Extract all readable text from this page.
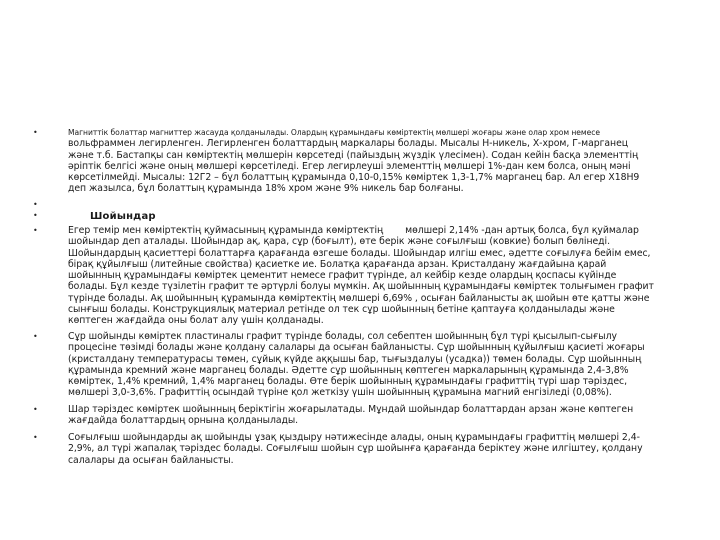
•
•
•
•
•
•
•
Магниттік болаттар магниттер жасауда қолданылады. Олардың құрамындағы көміртектің мөлшері жоғары және олар хром немесе
вольфраммен легирленген. Легирленген болаттардың маркалары болады. Мысалы Н-никель, Х-хром, Г-марганец
және т.б. Бастапқы сан көміртектің мөлшерін көрсетеді (пайыздың жүздік үлесімен). Содан кейін басқа элементтің
әріптік белгісі және оның мөлшері көрсетіледі. Егер легирлеуші элементтің мөлшері 1%-дан кем болса, оның мәні
көрсетілмейді. Мысалы: 12Г2 – бұл болаттың құрамында 0,10-0,15% көміртек 1,3-1,7% марганец бар. Ал егер Х18Н9
деп жазылса, бұл болаттың құрамында 18% хром және 9% никель бар болғаны.
Шойындар
Егер темір мен көміртектің қуймасының құрамында көміртектің мөлшері 2,14% -дан артық болса, бұл қуймалар
шойындар деп аталады. Шойындар ақ, қара, сұр (боғылт), өте берік және соғылғыш (ковкие) болып бөлінеді.
Шойындардың қасиеттері болаттарға қарағанда өзгеше болады. Шойындар илгіш емес, әдетте соғылуға бейім емес,
бірақ құйылғыш (литейные свойства) қасиетке ие. Болатқа қарағанда арзан. Кристалдану жағдайына қарай
шойынның құрамындағы көміртек цементит немесе графит түрінде, ал кейбір кезде олардың қоспасы күйінде
болады. Бұл кезде түзілетін графит те әртүрлі болуы мүмкін. Ақ шойынның құрамындағы көміртек толығымен графит
түрінде болады. Ақ шойынның құрамында көміртектің мөлшері 6,69% , осыған байланысты ақ шойын өте қатты және
сынғыш болады. Конструкциялық материал ретінде ол тек сұр шойынның бетіне қаптауға қолданылады және
көптеген жағдайда оны болат алу үшін қолданады.
Сұр шойынды көміртек пластиналы графит түрінде болады, сол себептен шойынның бұл түрі қысылып-сығылу
процесіне төзімді болады және қолдану салалары да осыған байланысты. Сұр шойынның құйылғыш қасиеті жоғары
(кристалдану температурасы төмен, сұйық күйде аққышы бар, тығыздалуы (усадка)) төмен болады. Сұр шойынның
құрамында кремний және марганец болады. Әдетте сұр шойынның көптеген маркаларының құрамында 2,4-3,8%
көміртек, 1,4% кремний, 1,4% марганец болады. Өте берік шойынның құрамындағы графиттің түрі шар тәріздес,
мөлшері 3,0-3,6%. Графиттің осындай түріне қол жеткізу үшін шойынның құрамына магний енгізіледі (0,08%).
Шар тәріздес көміртек шойынның беріктігін жоғарылатады. Мұндай шойындар болаттардан арзан және көптеген
жағдайда болаттардың орнына қолданылады.
Соғылғыш шойындарды ақ шойынды ұзақ қыздыру нәтижесінде алады, оның құрамындағы графиттің мөлшері 2,4-
2,9%, ал түрі жапалақ тәріздес болады. Соғылғыш шойын сұр шойынға қарағанда беріктеу және илгіштеу, қолдану
салалары да осыған байланысты.
